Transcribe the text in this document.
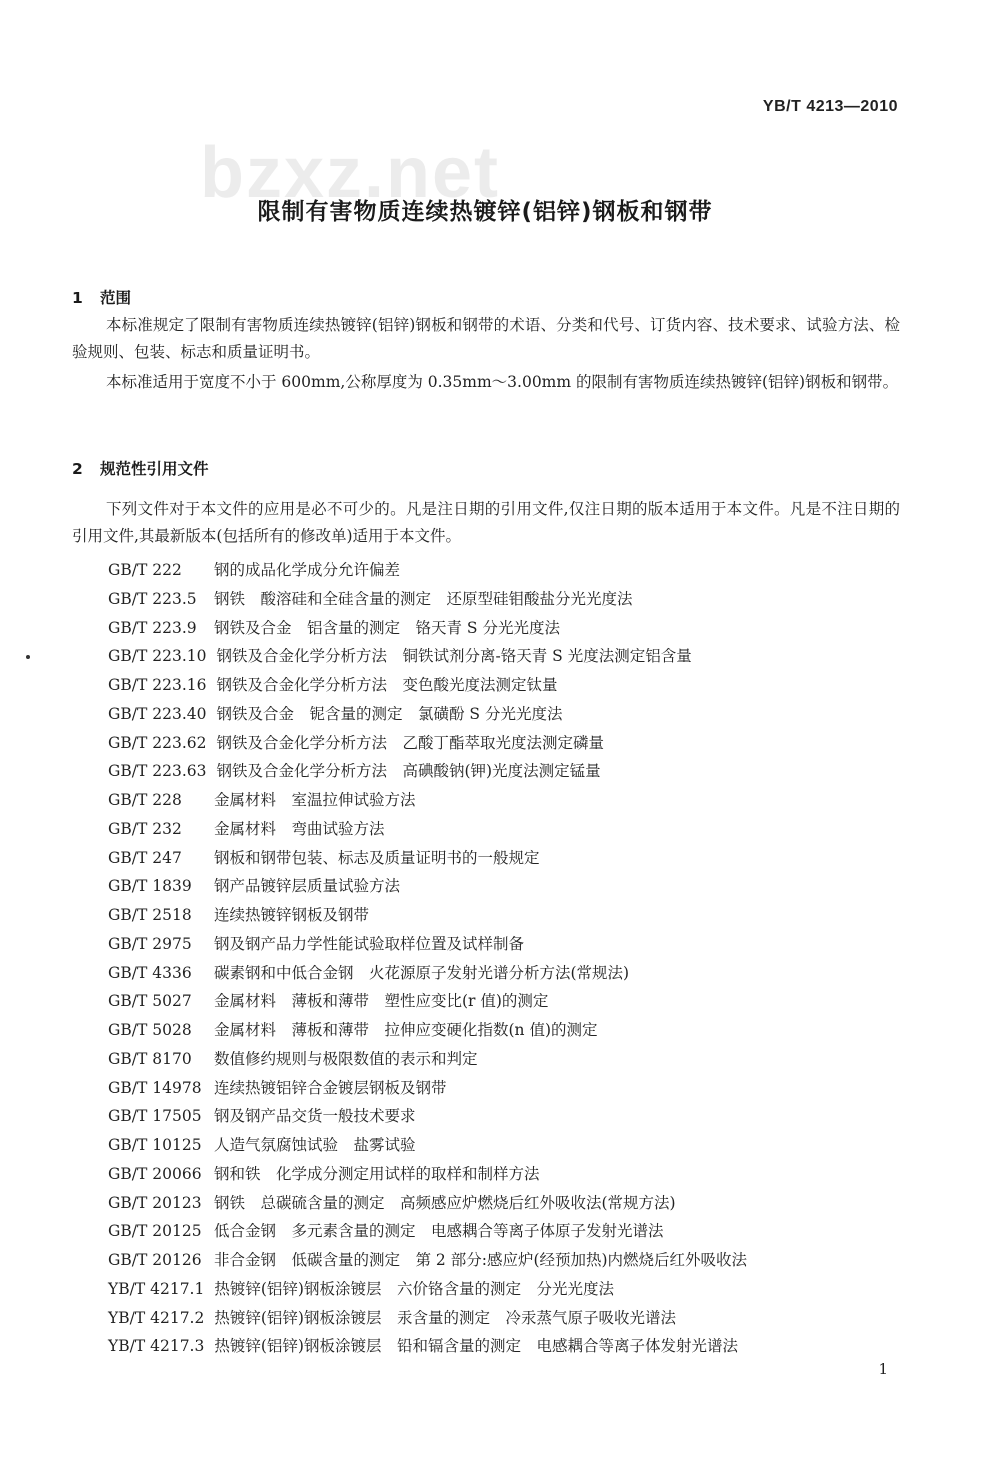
bzxz.net
YB/T 4213—2010
限制有害物质连续热镀锌(铝锌)钢板和钢带
1 范围

本标准规定了限制有害物质连续热镀锌(铝锌)钢板和钢带的术语、分类和代号、订货内容、技术要求、试验方法、检验规则、包装、标志和质量证明书。

本标准适用于宽度不小于 600mm,公称厚度为 0.35mm～3.00mm 的限制有害物质连续热镀锌(铝锌)钢板和钢带。

2 规范性引用文件

下列文件对于本文件的应用是必不可少的。凡是注日期的引用文件,仅注日期的版本适用于本文件。凡是不注日期的引用文件,其最新版本(包括所有的修改单)适用于本文件。

GB/T 222 钢的成品化学成分允许偏差
GB/T 223.5 钢铁　酸溶硅和全硅含量的测定　还原型硅钼酸盐分光光度法
GB/T 223.9 钢铁及合金　铝含量的测定　铬天青 S 分光光度法
GB/T 223.10 钢铁及合金化学分析方法　铜铁试剂分离-铬天青 S 光度法测定铝含量
GB/T 223.16 钢铁及合金化学分析方法　变色酸光度法测定钛量
GB/T 223.40 钢铁及合金　铌含量的测定　氯磺酚 S 分光光度法
GB/T 223.62 钢铁及合金化学分析方法　乙酸丁酯萃取光度法测定磷量
GB/T 223.63 钢铁及合金化学分析方法　高碘酸钠(钾)光度法测定锰量
GB/T 228 金属材料　室温拉伸试验方法
GB/T 232 金属材料　弯曲试验方法
GB/T 247 钢板和钢带包装、标志及质量证明书的一般规定
GB/T 1839 钢产品镀锌层质量试验方法
GB/T 2518 连续热镀锌钢板及钢带
GB/T 2975 钢及钢产品力学性能试验取样位置及试样制备
GB/T 4336 碳素钢和中低合金钢　火花源原子发射光谱分析方法(常规法)
GB/T 5027 金属材料　薄板和薄带　塑性应变比(r 值)的测定
GB/T 5028 金属材料　薄板和薄带　拉伸应变硬化指数(n 值)的测定
GB/T 8170 数值修约规则与极限数值的表示和判定
GB/T 14978 连续热镀铝锌合金镀层钢板及钢带
GB/T 17505 钢及钢产品交货一般技术要求
GB/T 10125 人造气氛腐蚀试验　盐雾试验
GB/T 20066 钢和铁　化学成分测定用试样的取样和制样方法
GB/T 20123 钢铁　总碳硫含量的测定　高频感应炉燃烧后红外吸收法(常规方法)
GB/T 20125 低合金钢　多元素含量的测定　电感耦合等离子体原子发射光谱法
GB/T 20126 非合金钢　低碳含量的测定　第 2 部分:感应炉(经预加热)内燃烧后红外吸收法
YB/T 4217.1 热镀锌(铝锌)钢板涂镀层　六价铬含量的测定　分光光度法
YB/T 4217.2 热镀锌(铝锌)钢板涂镀层　汞含量的测定　冷汞蒸气原子吸收光谱法
YB/T 4217.3 热镀锌(铝锌)钢板涂镀层　铅和镉含量的测定　电感耦合等离子体发射光谱法
1
